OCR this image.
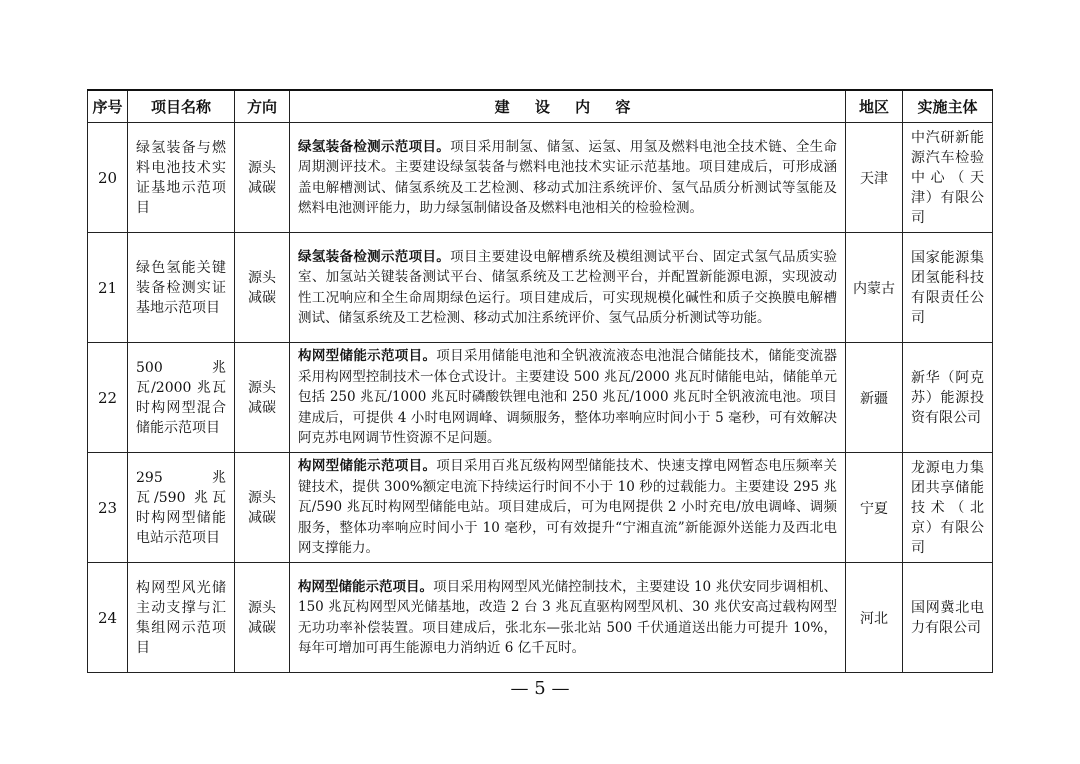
序号	项目名称	方向	建 设 内 容	地区	实施主体
20	绿氢装备与燃料电池技术实证基地示范项目	源头减碳	绿氢装备检测示范项目。项目采用制氢、储氢、运氢、用氢及燃料电池全技术链、全生命周期测评技术。主要建设绿氢装备与燃料电池技术实证示范基地。项目建成后，可形成涵盖电解槽测试、储氢系统及工艺检测、移动式加注系统评价、氢气品质分析测试等氢能及燃料电池测评能力，助力绿氢制储设备及燃料电池相关的检验检测。	天津	中汽研新能源汽车检验中心（天津）有限公司
21	绿色氢能关键装备检测实证基地示范项目	源头减碳	绿氢装备检测示范项目。项目主要建设电解槽系统及模组测试平台、固定式氢气品质实验室、加氢站关键装备测试平台、储氢系统及工艺检测平台，并配置新能源电源，实现波动性工况响应和全生命周期绿色运行。项目建成后，可实现规模化碱性和质子交换膜电解槽测试、储氢系统及工艺检测、移动式加注系统评价、氢气品质分析测试等功能。	内蒙古	国家能源集团氢能科技有限责任公司
22	500 兆瓦/2000 兆瓦时构网型混合储能示范项目	源头减碳	构网型储能示范项目。项目采用储能电池和全钒液流液态电池混合储能技术，储能变流器采用构网型控制技术一体仓式设计。主要建设 500 兆瓦/2000 兆瓦时储能电站，储能单元包括 250 兆瓦/1000 兆瓦时磷酸铁锂电池和 250 兆瓦/1000 兆瓦时全钒液流电池。项目建成后，可提供 4 小时电网调峰、调频服务，整体功率响应时间小于 5 毫秒，可有效解决阿克苏电网调节性资源不足问题。	新疆	新华（阿克苏）能源投资有限公司
23	295 兆瓦/590 兆瓦时构网型储能电站示范项目	源头减碳	构网型储能示范项目。项目采用百兆瓦级构网型储能技术、快速支撑电网暂态电压频率关键技术，提供 300%额定电流下持续运行时间不小于 10 秒的过载能力。主要建设 295 兆瓦/590 兆瓦时构网型储能电站。项目建成后，可为电网提供 2 小时充电/放电调峰、调频服务，整体功率响应时间小于 10 毫秒，可有效提升“宁湘直流”新能源外送能力及西北电网支撑能力。	宁夏	龙源电力集团共享储能技术（北京）有限公司
24	构网型风光储主动支撑与汇集组网示范项目	源头减碳	构网型储能示范项目。项目采用构网型风光储控制技术，主要建设 10 兆伏安同步调相机、150 兆瓦构网型风光储基地，改造 2 台 3 兆瓦直驱构网型风机、30 兆伏安高过载构网型无功功率补偿装置。项目建成后，张北东—张北站 500 千伏通道送出能力可提升 10%，每年可增加可再生能源电力消纳近 6 亿千瓦时。	河北	国网冀北电力有限公司
— 5 —
